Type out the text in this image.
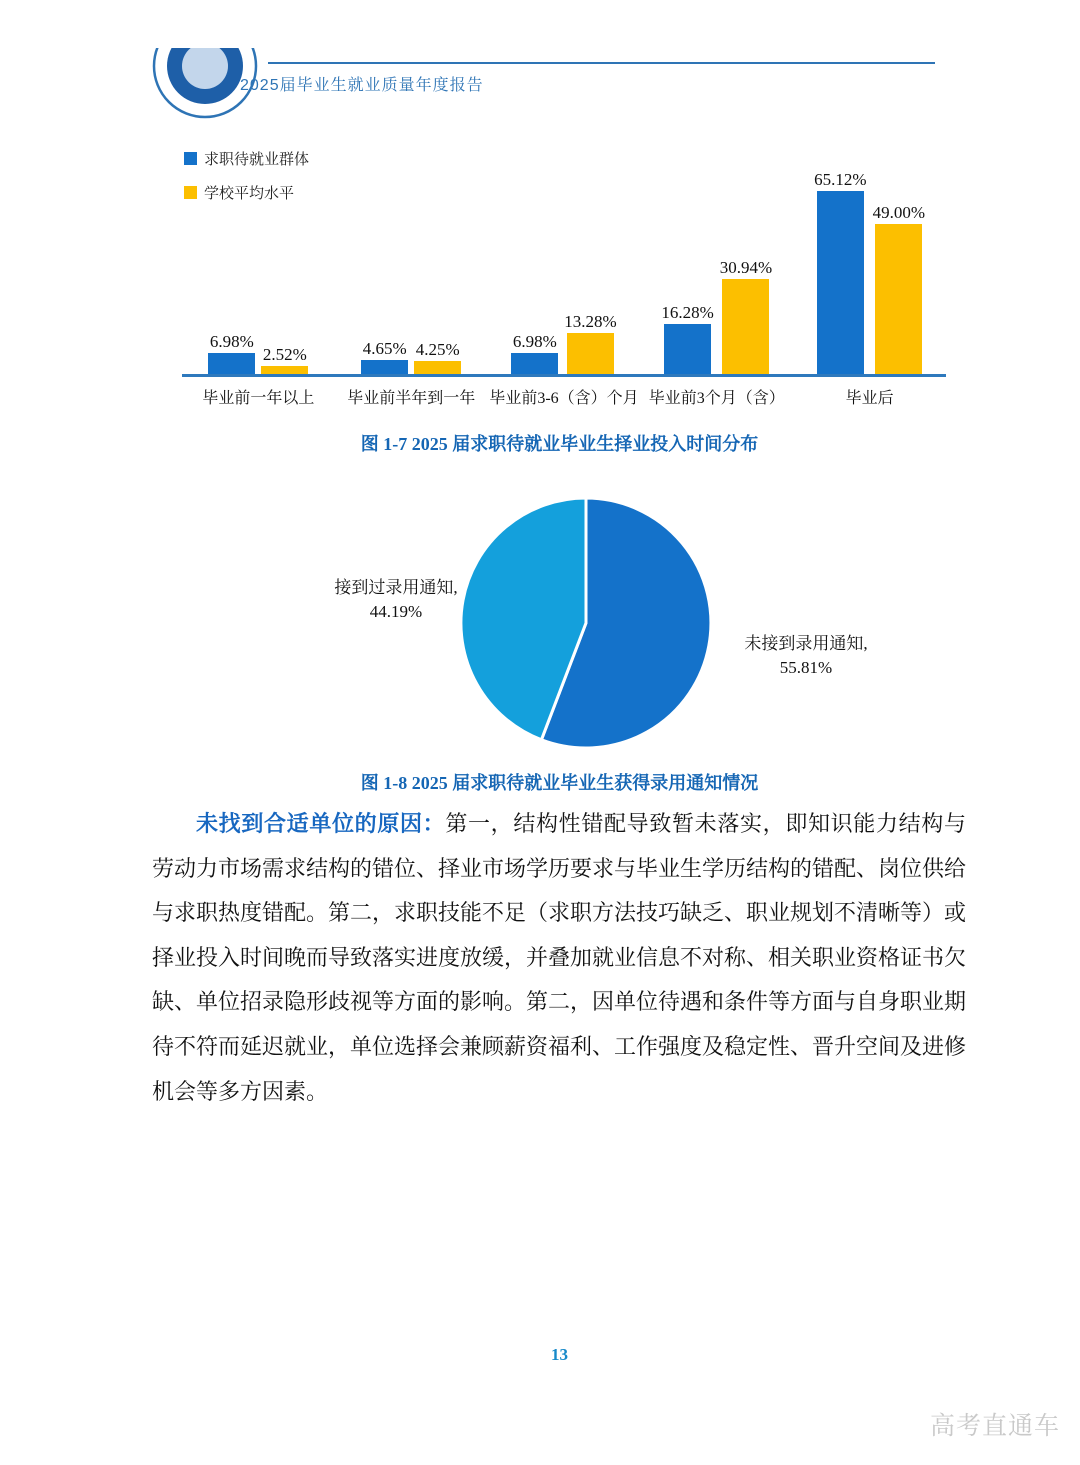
2025届毕业生就业质量年度报告
求职待就业群体
学校平均水平
6.98%
2.52%	4.65% 4.25%	6.98%
13.28%	16.28%
30.94%
65.12%
49.00%
毕业前一年以上 毕业前半年到一年 毕业前3-6（含）个月 毕业前3个月（含）	毕业后
图 1-7 2025 届求职待就业毕业生择业投入时间分布
接到过录用通知,
44.19%
未接到录用通知,
55.81%
图 1-8 2025 届求职待就业毕业生获得录用通知情况

未找到合适单位的原因：第一，结构性错配导致暂未落实，即知识能力结构与劳动力市场需求结构的错位、择业市场学历要求与毕业生学历结构的错配、岗位供给与求职热度错配。第二，求职技能不足（求职方法技巧缺乏、职业规划不清晰等）或择业投入时间晚而导致落实进度放缓，并叠加就业信息不对称、相关职业资格证书欠缺、单位招录隐形歧视等方面的影响。第二，因单位待遇和条件等方面与自身职业期待不符而延迟就业，单位选择会兼顾薪资福利、工作强度及稳定性、晋升空间及进修机会等多方因素。

13
高考直通车
